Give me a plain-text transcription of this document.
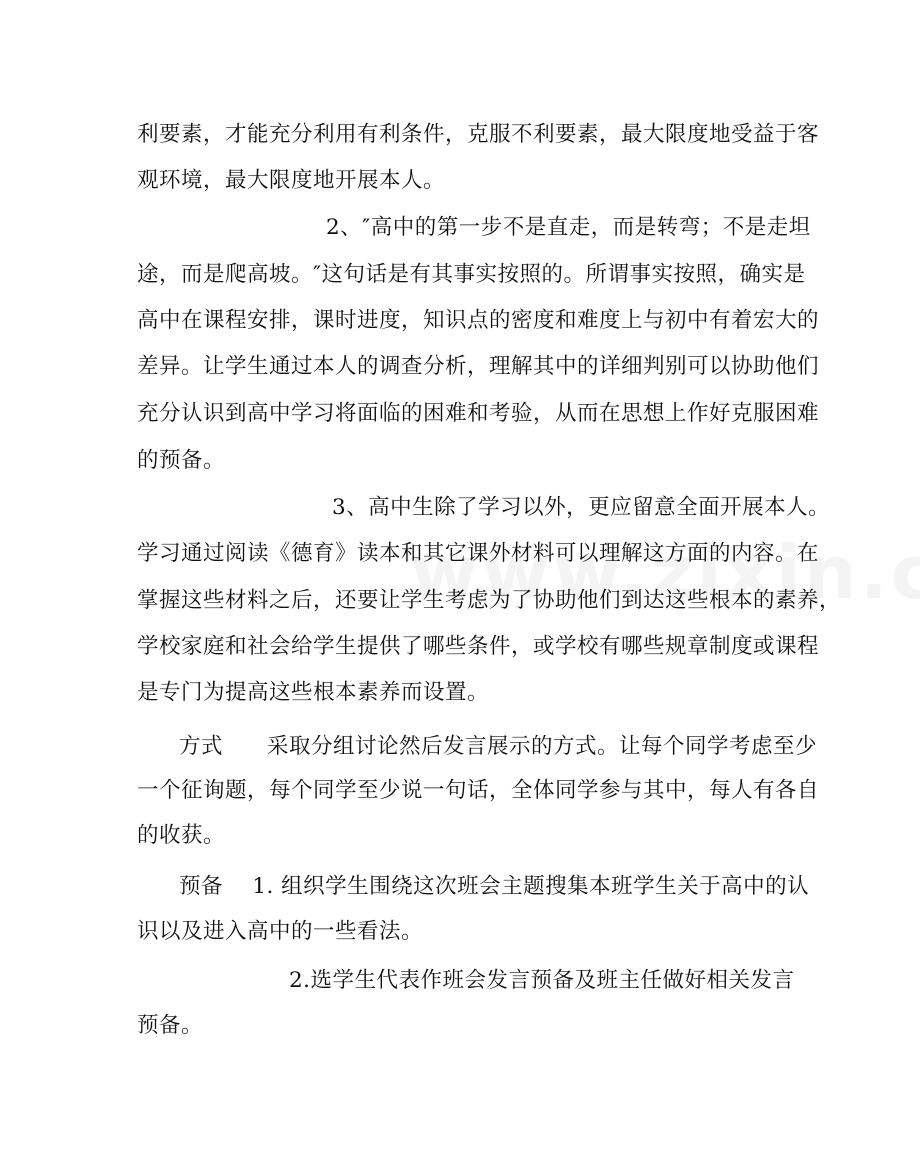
利要素，才能充分利用有利条件，克服不利要素，最大限度地受益于客
观环境，最大限度地开展本人。
2、″高中的第一步不是直走，而是转弯；不是走坦
途，而是爬高坡。″这句话是有其事实按照的。所谓事实按照，确实是
高中在课程安排，课时进度，知识点的密度和难度上与初中有着宏大的
差异。让学生通过本人的调查分析，理解其中的详细判别可以协助他们
充分认识到高中学习将面临的困难和考验，从而在思想上作好克服困难
的预备。
3、高中生除了学习以外，更应留意全面开展本人。
学习通过阅读《德育》读本和其它课外材料可以理解这方面的内容。在
掌握这些材料之后，还要让学生考虑为了协助他们到达这些根本的素养，
学校家庭和社会给学生提供了哪些条件，或学校有哪些规章制度或课程
是专门为提高这些根本素养而设置。
方式　　采取分组讨论然后发言展示的方式。让每个同学考虑至少
一个征询题，每个同学至少说一句话，全体同学参与其中，每人有各自
的收获。
预备　 1. 组织学生围绕这次班会主题搜集本班学生关于高中的认
识以及进入高中的一些看法。
2.选学生代表作班会发言预备及班主任做好相关发言
预备。
